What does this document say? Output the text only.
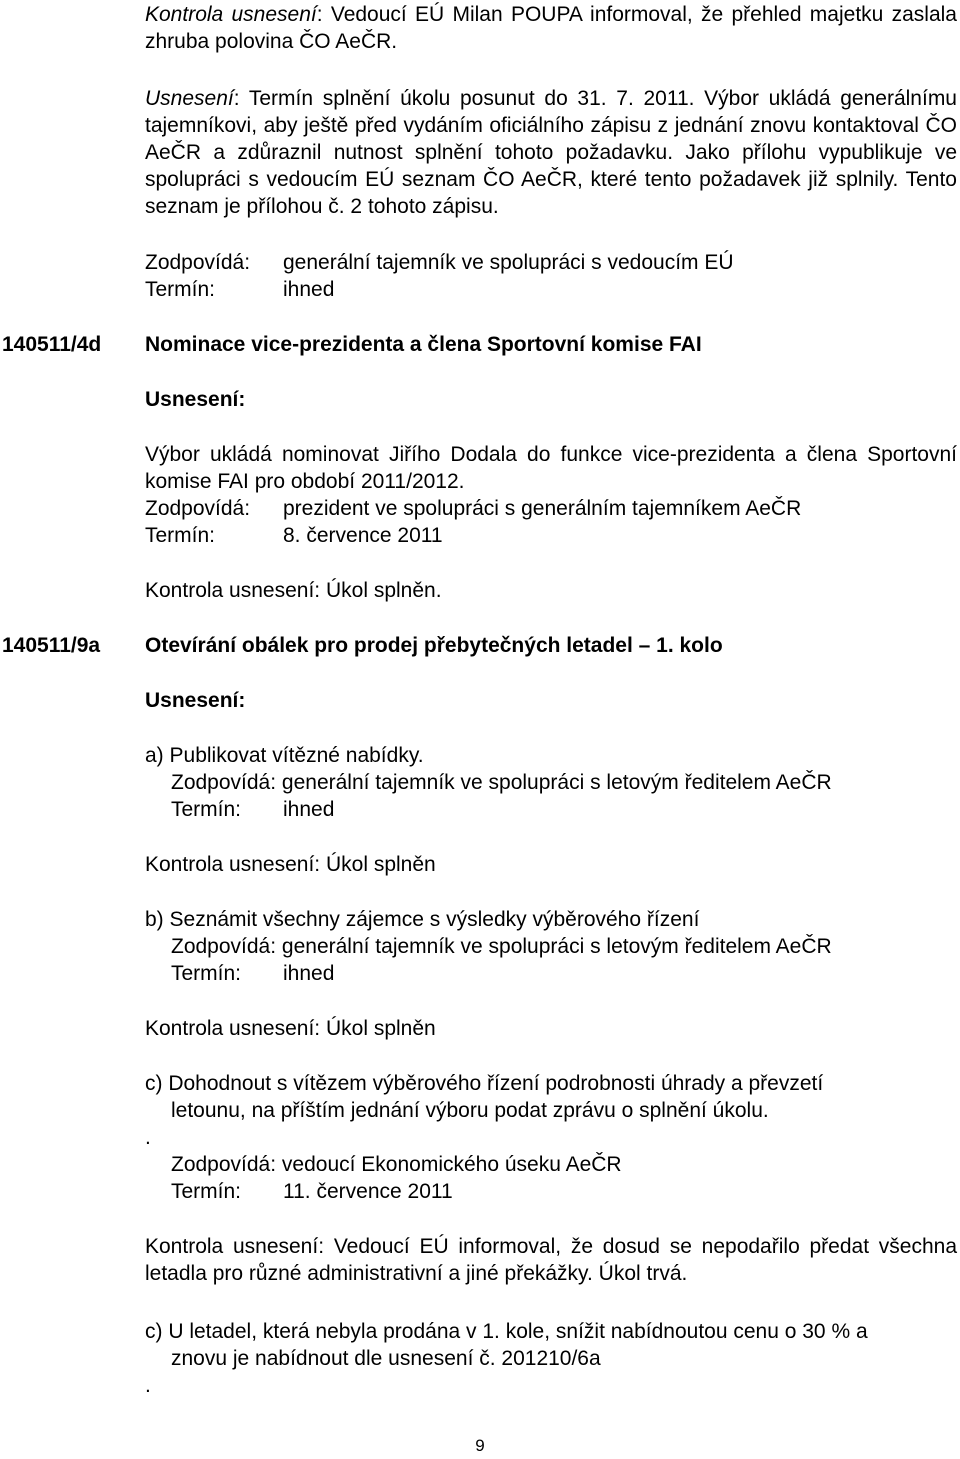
Kontrola usnesení: Vedoucí EÚ Milan POUPA informoval, že přehled majetku zaslala zhruba polovina ČO AeČR.
Usnesení: Termín splnění úkolu posunut do 31. 7. 2011. Výbor ukládá generálnímu tajemníkovi, aby ještě před vydáním oficiálního zápisu z jednání znovu kontaktoval ČO AeČR a zdůraznil nutnost splnění tohoto požadavku. Jako přílohu vypublikuje ve spolupráci s vedoucím EÚ seznam ČO AeČR, které tento požadavek již splnily. Tento seznam je přílohou č. 2 tohoto zápisu.
Zodpovídá: generální tajemník ve spolupráci s vedoucím EÚ
Termín:	ihned
140511/4d Nominace vice-prezidenta a člena Sportovní komise FAI
Usnesení:
Výbor ukládá nominovat Jiřího Dodala do funkce vice-prezidenta a člena Sportovní komise FAI pro období 2011/2012.
Zodpovídá: prezident ve spolupráci s generálním tajemníkem AeČR
Termín:	8. července 2011
Kontrola usnesení: Úkol splněn.
140511/9a Otevírání obálek pro prodej přebytečných letadel – 1. kolo
Usnesení:
a) Publikovat vítězné nabídky.
Zodpovídá: generální tajemník ve spolupráci s letovým ředitelem AeČR
Termín: ihned
Kontrola usnesení: Úkol splněn
b) Seznámit všechny zájemce s výsledky výběrového řízení
Zodpovídá: generální tajemník ve spolupráci s letovým ředitelem AeČR
Termín: ihned
Kontrola usnesení: Úkol splněn
c) Dohodnout s vítězem výběrového řízení podrobnosti úhrady a převzetí
letounu, na příštím jednání výboru podat zprávu o splnění úkolu.
.
Zodpovídá: vedoucí Ekonomického úseku AeČR
Termín: 11. července 2011
Kontrola usnesení: Vedoucí EÚ informoval, že dosud se nepodařilo předat všechna letadla pro různé administrativní a jiné překážky. Úkol trvá.
c) U letadel, která nebyla prodána v 1. kole, snížit nabídnoutou cenu o 30 % a
znovu je nabídnout dle usnesení č. 201210/6a
.
9
